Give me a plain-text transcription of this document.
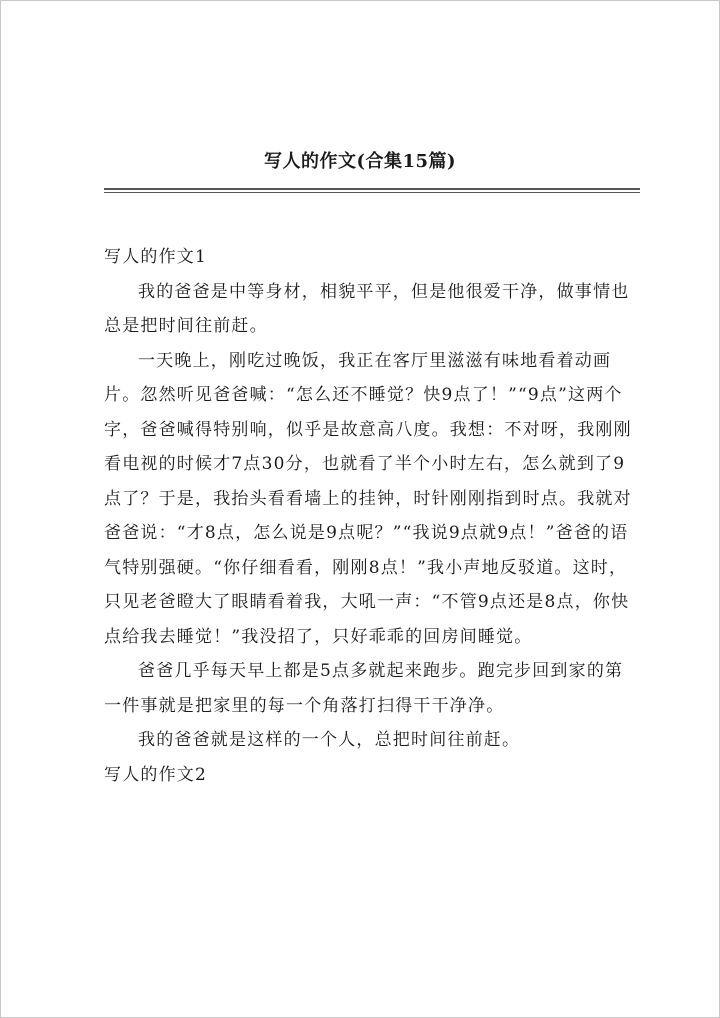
写人的作文(合集15篇)

写人的作文1

我的爸爸是中等身材，相貌平平，但是他很爱干净，做事情也总是把时间往前赶。

一天晚上，刚吃过晚饭，我正在客厅里滋滋有味地看着动画片。忽然听见爸爸喊：“怎么还不睡觉？快9点了！”“9点”这两个字，爸爸喊得特别响，似乎是故意高八度。我想：不对呀，我刚刚看电视的时候才7点30分，也就看了半个小时左右，怎么就到了9点了？于是，我抬头看看墙上的挂钟，时针刚刚指到时点。我就对爸爸说：“才8点，怎么说是9点呢？”“我说9点就9点！”爸爸的语气特别强硬。“你仔细看看，刚刚8点！”我小声地反驳道。这时，只见老爸瞪大了眼睛看着我，大吼一声：“不管9点还是8点，你快点给我去睡觉！”我没招了，只好乖乖的回房间睡觉。

爸爸几乎每天早上都是5点多就起来跑步。跑完步回到家的第一件事就是把家里的每一个角落打扫得干干净净。

我的爸爸就是这样的一个人，总把时间往前赶。

写人的作文2
